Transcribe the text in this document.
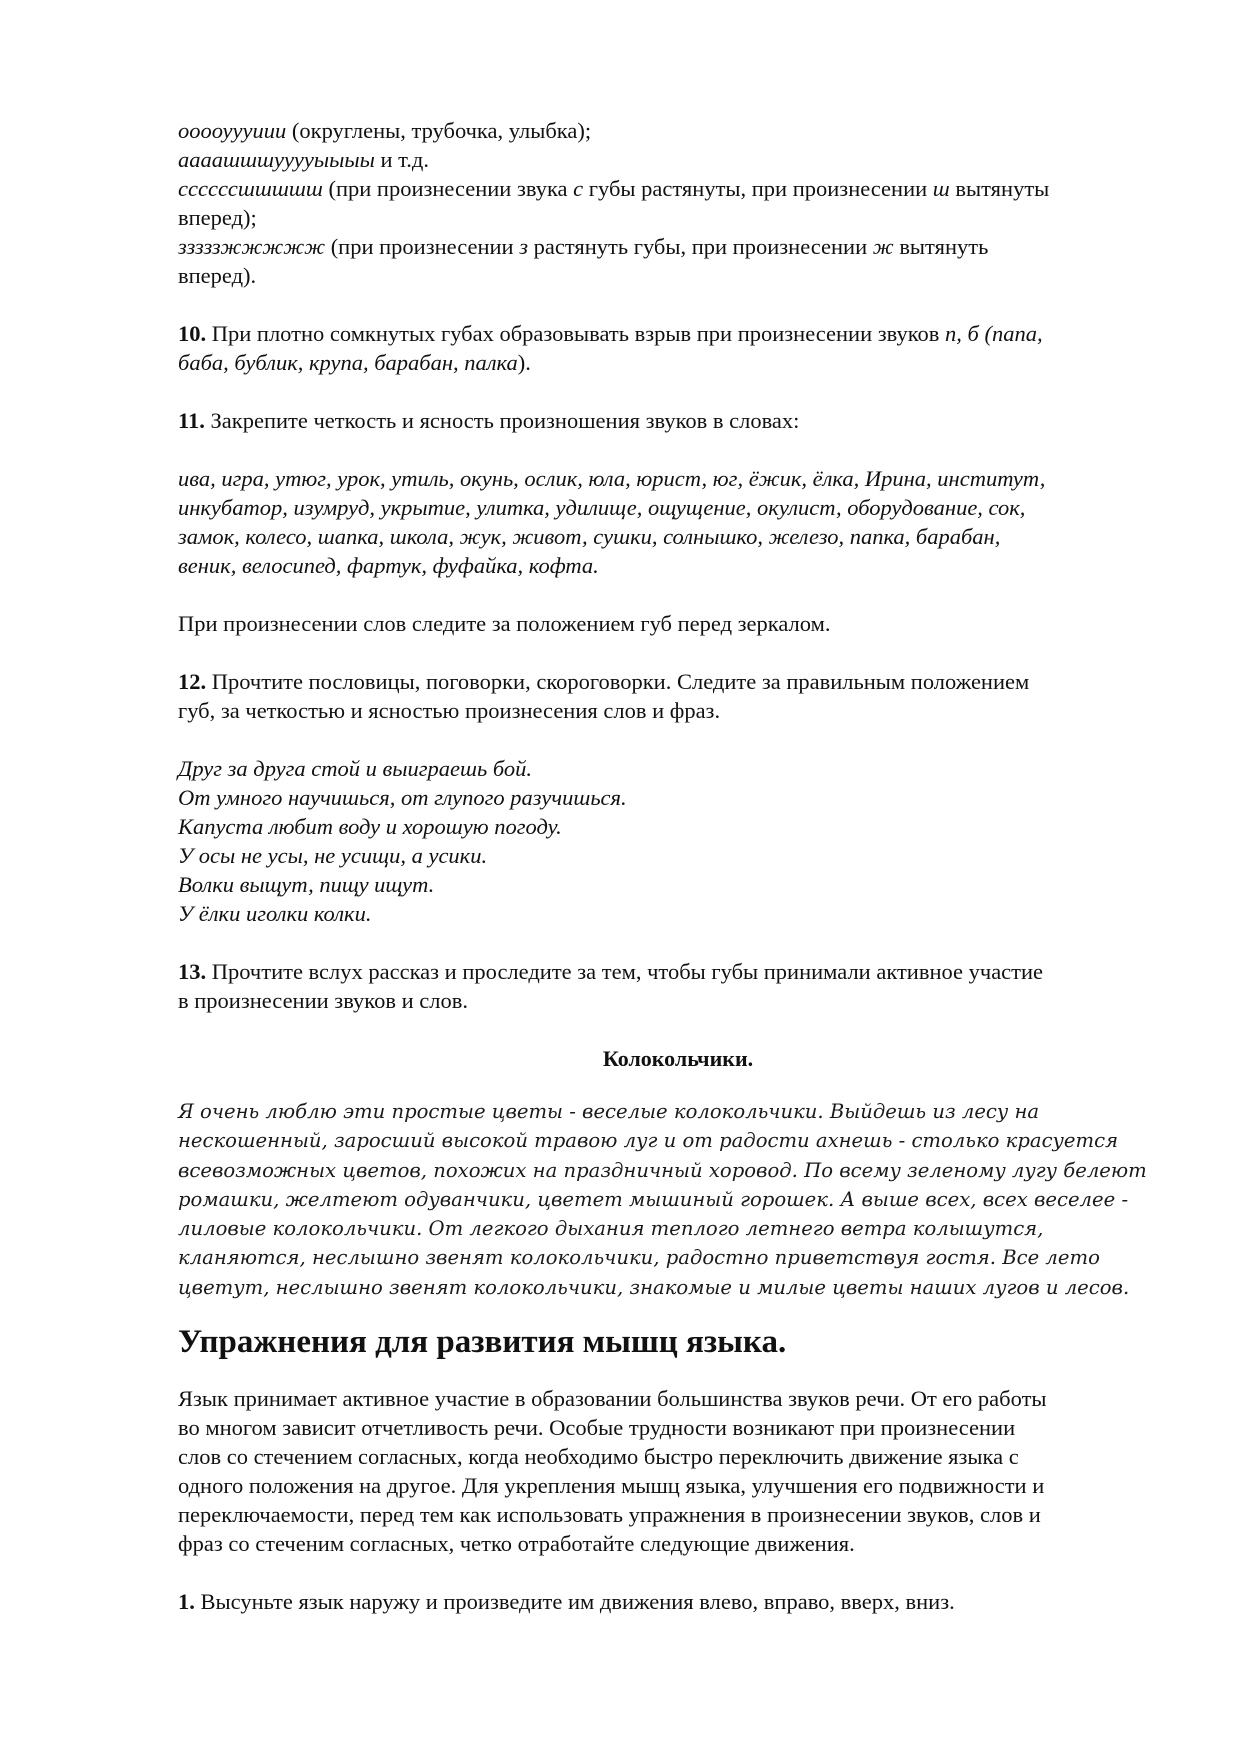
ооооуууиии (округлены, трубочка, улыбка);
аааашшшууууыыыы и т.д.
сссссcшшшшш (при произнесении звука с губы растянуты, при произнесении ш вытянуты
вперед);
зззззжжжжж (при произнесении з растянуть губы, при произнесении ж вытянуть
вперед).
10. При плотно сомкнутых губах образовывать взрыв при произнесении звуков п, б (папа,
баба, бублик, крупа, барабан, палка).
11. Закрепите четкость и ясность произношения звуков в словах:
ива, игра, утюг, урок, утиль, окунь, ослик, юла, юрист, юг, ёжик, ёлка, Ирина, институт,
инкубатор, изумруд, укрытие, улитка, удилище, ощущение, окулист, оборудование, сок,
замок, колесо, шапка, школа, жук, живот, сушки, солнышко, железо, папка, барабан,
веник, велосипед, фартук, фуфайка, кофта.
При произнесении слов следите за положением губ перед зеркалом.
12. Прочтите пословицы, поговорки, скороговорки. Следите за правильным положением
губ, за четкостью и ясностью произнесения слов и фраз.
Друг за друга стой и выиграешь бой.
От умного научишься, от глупого разучишься.
Капуста любит воду и хорошую погоду.
У осы не усы, не усищи, а усики.
Волки выщут, пищу ищут.
У ёлки иголки колки.
13. Прочтите вслух рассказ и проследите за тем, чтобы губы принимали активное участие
в произнесении звуков и слов.
Колокольчики.
Я очень люблю эти простые цветы - веселые колокольчики. Выйдешь из лесу на
нескошенный, заросший высокой травою луг и от радости ахнешь - столько красуется
всевозможных цветов, похожих на праздничный хоровод. По всему зеленому лугу белеют
ромашки, желтеют одуванчики, цветет мышиный горошек. А выше всех, всех веселее -
лиловые колокольчики. От легкого дыхания теплого летнего ветра колышутся,
кланяются, неслышно звенят колокольчики, радостно приветствуя гостя. Все лето
цветут, неслышно звенят колокольчики, знакомые и милые цветы наших лугов и лесов.
Упражнения для развития мышц языка.
Язык принимает активное участие в образовании большинства звуков речи. От его работы
во многом зависит отчетливость речи. Особые трудности возникают при произнесении
слов со стечением согласных, когда необходимо быстро переключить движение языка с
одного положения на другое. Для укрепления мышц языка, улучшения его подвижности и
переключаемости, перед тем как использовать упражнения в произнесении звуков, слов и
фраз со стеченим согласных, четко отработайте следующие движения.
1. Высуньте язык наружу и произведите им движения влево, вправо, вверх, вниз.
